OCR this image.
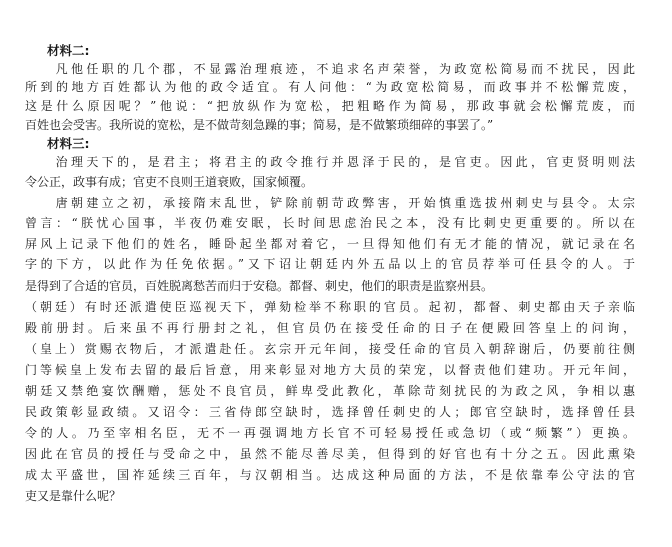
材料二:
　　凡他任职的几个郡，不显露治理痕迹，不追求名声荣誉，为政宽松简易而不扰民，因此
所到的地方百姓都认为他的政令适宜。有人问他：“为政宽松简易，而政事并不松懈荒废，
这是什么原因呢？”他说：“把放纵作为宽松，把粗略作为简易，那政事就会松懈荒废，而
百姓也会受害。我所说的宽松，是不做苛刻急躁的事；简易，是不做繁琐细碎的事罢了。”
材料三:
　　治理天下的，是君主；将君主的政令推行并恩泽于民的，是官吏。因此，官吏贤明则法
令公正，政事有成；官吏不良则王道衰败，国家倾覆。
　　唐朝建立之初，承接隋末乱世，铲除前朝苛政弊害，开始慎重选拔州刺史与县令。太宗
曾言：“朕忧心国事，半夜仍难安眠，长时间思虑治民之本，没有比刺史更重要的。所以在
屏风上记录下他们的姓名，睡卧起坐都对着它，一旦得知他们有无才能的情况，就记录在名
字的下方，以此作为任免依据。”又下诏让朝廷内外五品以上的官员荐举可任县令的人。于
是得到了合适的官员，百姓脱离愁苦而归于安稳。都督、刺史，他们的职责是监察州县。
（朝廷）有时还派遣使臣巡视天下，弹劾检举不称职的官员。起初，都督、刺史都由天子亲临
殿前册封。后来虽不再行册封之礼，但官员仍在接受任命的日子在便殿回答皇上的问询，
（皇上）赏赐衣物后，才派遣赴任。玄宗开元年间，接受任命的官员入朝辞谢后，仍要前往侧
门等候皇上发布去留的最后旨意，用来彰显对地方大员的荣宠，以督责他们建功。开元年间，
朝廷又禁绝宴饮酬赠，惩处不良官员，鲜卑受此教化，革除苛刻扰民的为政之风，争相以惠
民政策彰显政绩。又诏令：三省侍郎空缺时，选择曾任刺史的人；郎官空缺时，选择曾任县
令的人。乃至宰相名臣，无不一再强调地方长官不可轻易授任或急切（或“频繁”）更换。
因此在官员的授任与受命之中，虽然不能尽善尽美，但得到的好官也有十分之五。因此熏染
成太平盛世，国祚延续三百年，与汉朝相当。达成这种局面的方法，不是依靠奉公守法的官
吏又是靠什么呢？
